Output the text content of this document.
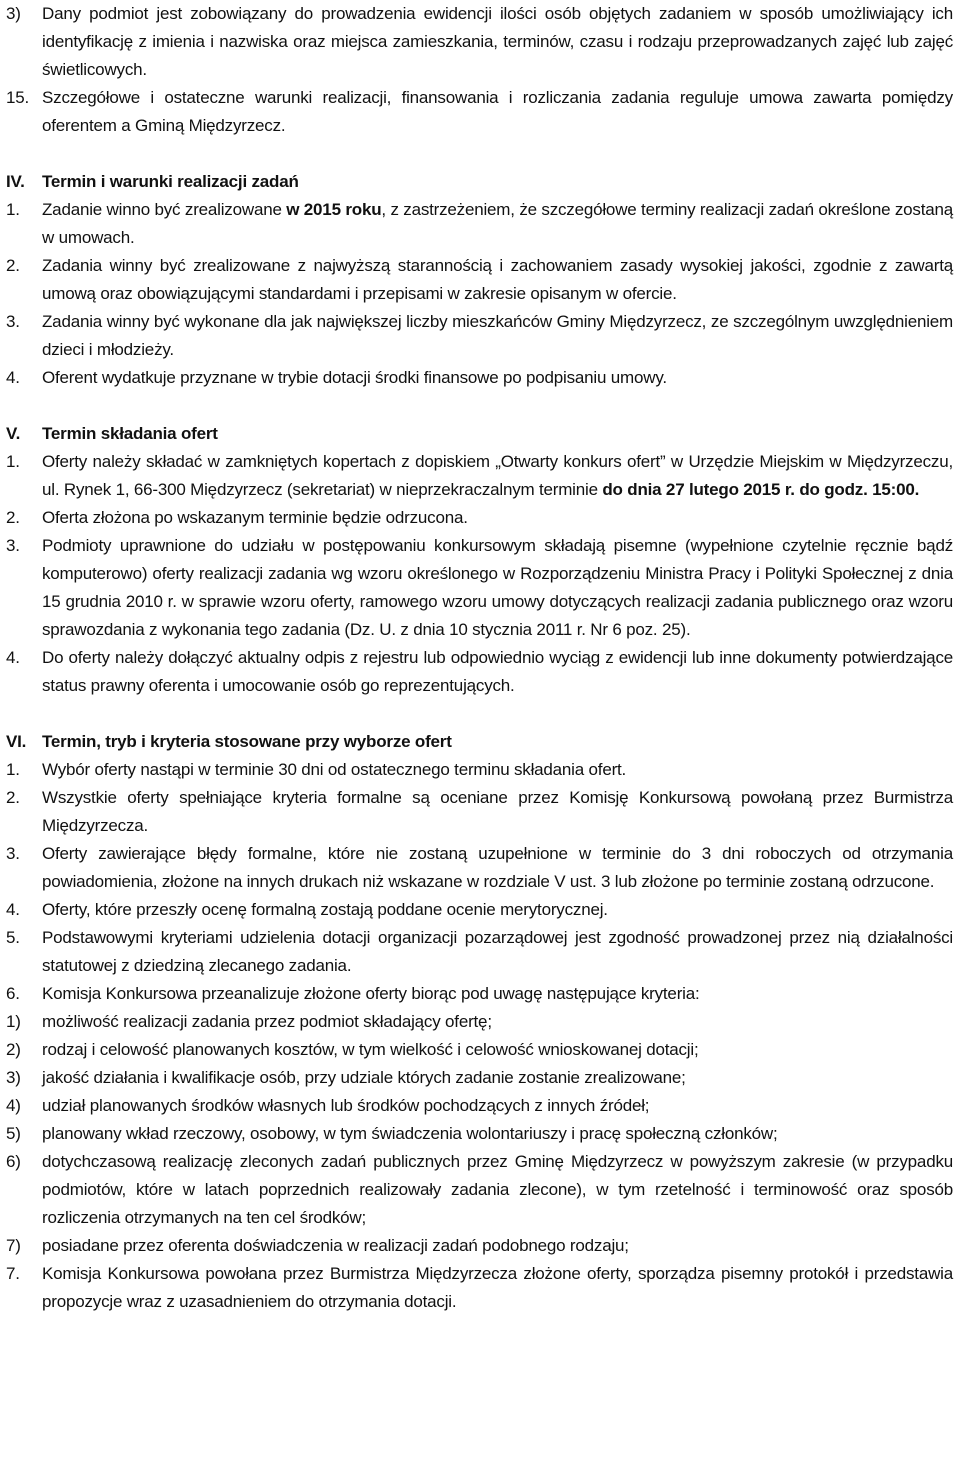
3) Dany podmiot jest zobowiązany do prowadzenia ewidencji ilości osób objętych zadaniem w sposób umożliwiający ich identyfikację z imienia i nazwiska oraz miejsca zamieszkania, terminów, czasu i rodzaju przeprowadzanych zajęć lub zajęć świetlicowych.
15. Szczegółowe i ostateczne warunki realizacji, finansowania i rozliczania zadania reguluje umowa zawarta pomiędzy oferentem a Gminą Międzyrzecz.
IV. Termin i warunki realizacji zadań
1. Zadanie winno być zrealizowane w 2015 roku, z zastrzeżeniem, że szczegółowe terminy realizacji zadań określone zostaną w umowach.
2. Zadania winny być zrealizowane z najwyższą starannością i zachowaniem zasady wysokiej jakości, zgodnie z zawartą umową oraz obowiązującymi standardami i przepisami w zakresie opisanym w ofercie.
3. Zadania winny być wykonane dla jak największej liczby mieszkańców Gminy Międzyrzecz, ze szczególnym uwzględnieniem dzieci i młodzieży.
4. Oferent wydatkuje przyznane w trybie dotacji środki finansowe po podpisaniu umowy.
V. Termin składania ofert
1. Oferty należy składać w zamkniętych kopertach z dopiskiem „Otwarty konkurs ofert” w Urzędzie Miejskim w Międzyrzeczu, ul. Rynek 1, 66-300 Międzyrzecz (sekretariat) w nieprzekraczalnym terminie do dnia 27 lutego 2015 r. do godz. 15:00.
2. Oferta złożona po wskazanym terminie będzie odrzucona.
3. Podmioty uprawnione do udziału w postępowaniu konkursowym składają pisemne (wypełnione czytelnie ręcznie bądź komputerowo) oferty realizacji zadania wg wzoru określonego w Rozporządzeniu Ministra Pracy i Polityki Społecznej z dnia 15 grudnia 2010 r. w sprawie wzoru oferty, ramowego wzoru umowy dotyczących realizacji zadania publicznego oraz wzoru sprawozdania z wykonania tego zadania (Dz. U. z dnia 10 stycznia 2011 r. Nr 6 poz. 25).
4. Do oferty należy dołączyć aktualny odpis z rejestru lub odpowiednio wyciąg z ewidencji lub inne dokumenty potwierdzające status prawny oferenta i umocowanie osób go reprezentujących.
VI. Termin, tryb i kryteria stosowane przy wyborze ofert
1. Wybór oferty nastąpi w terminie 30 dni od ostatecznego terminu składania ofert.
2. Wszystkie oferty spełniające kryteria formalne są oceniane przez Komisję Konkursową powołaną przez Burmistrza Międzyrzecza.
3. Oferty zawierające błędy formalne, które nie zostaną uzupełnione w terminie do 3 dni roboczych od otrzymania powiadomienia, złożone na innych drukach niż wskazane w rozdziale V ust. 3 lub złożone po terminie zostaną odrzucone.
4. Oferty, które przeszły ocenę formalną zostają poddane ocenie merytorycznej.
5. Podstawowymi kryteriami udzielenia dotacji organizacji pozarządowej jest zgodność prowadzonej przez nią działalności statutowej z dziedziną zlecanego zadania.
6. Komisja Konkursowa przeanalizuje złożone oferty biorąc pod uwagę następujące kryteria:
1) możliwość realizacji zadania przez podmiot składający ofertę;
2) rodzaj i celowość planowanych kosztów, w tym wielkość i celowość wnioskowanej dotacji;
3) jakość działania i kwalifikacje osób, przy udziale których zadanie zostanie zrealizowane;
4) udział planowanych środków własnych lub środków pochodzących z innych źródeł;
5) planowany wkład rzeczowy, osobowy, w tym świadczenia wolontariuszy i pracę społeczną członków;
6) dotychczasową realizację zleconych zadań publicznych przez Gminę Międzyrzecz w powyższym zakresie (w przypadku podmiotów, które w latach poprzednich realizowały zadania zlecone), w tym rzetelność i terminowość oraz sposób rozliczenia otrzymanych na ten cel środków;
7) posiadane przez oferenta doświadczenia w realizacji zadań podobnego rodzaju;
7. Komisja Konkursowa powołana przez Burmistrza Międzyrzecza złożone oferty, sporządza pisemny protokół i przedstawia propozycje wraz z uzasadnieniem do otrzymania dotacji.
